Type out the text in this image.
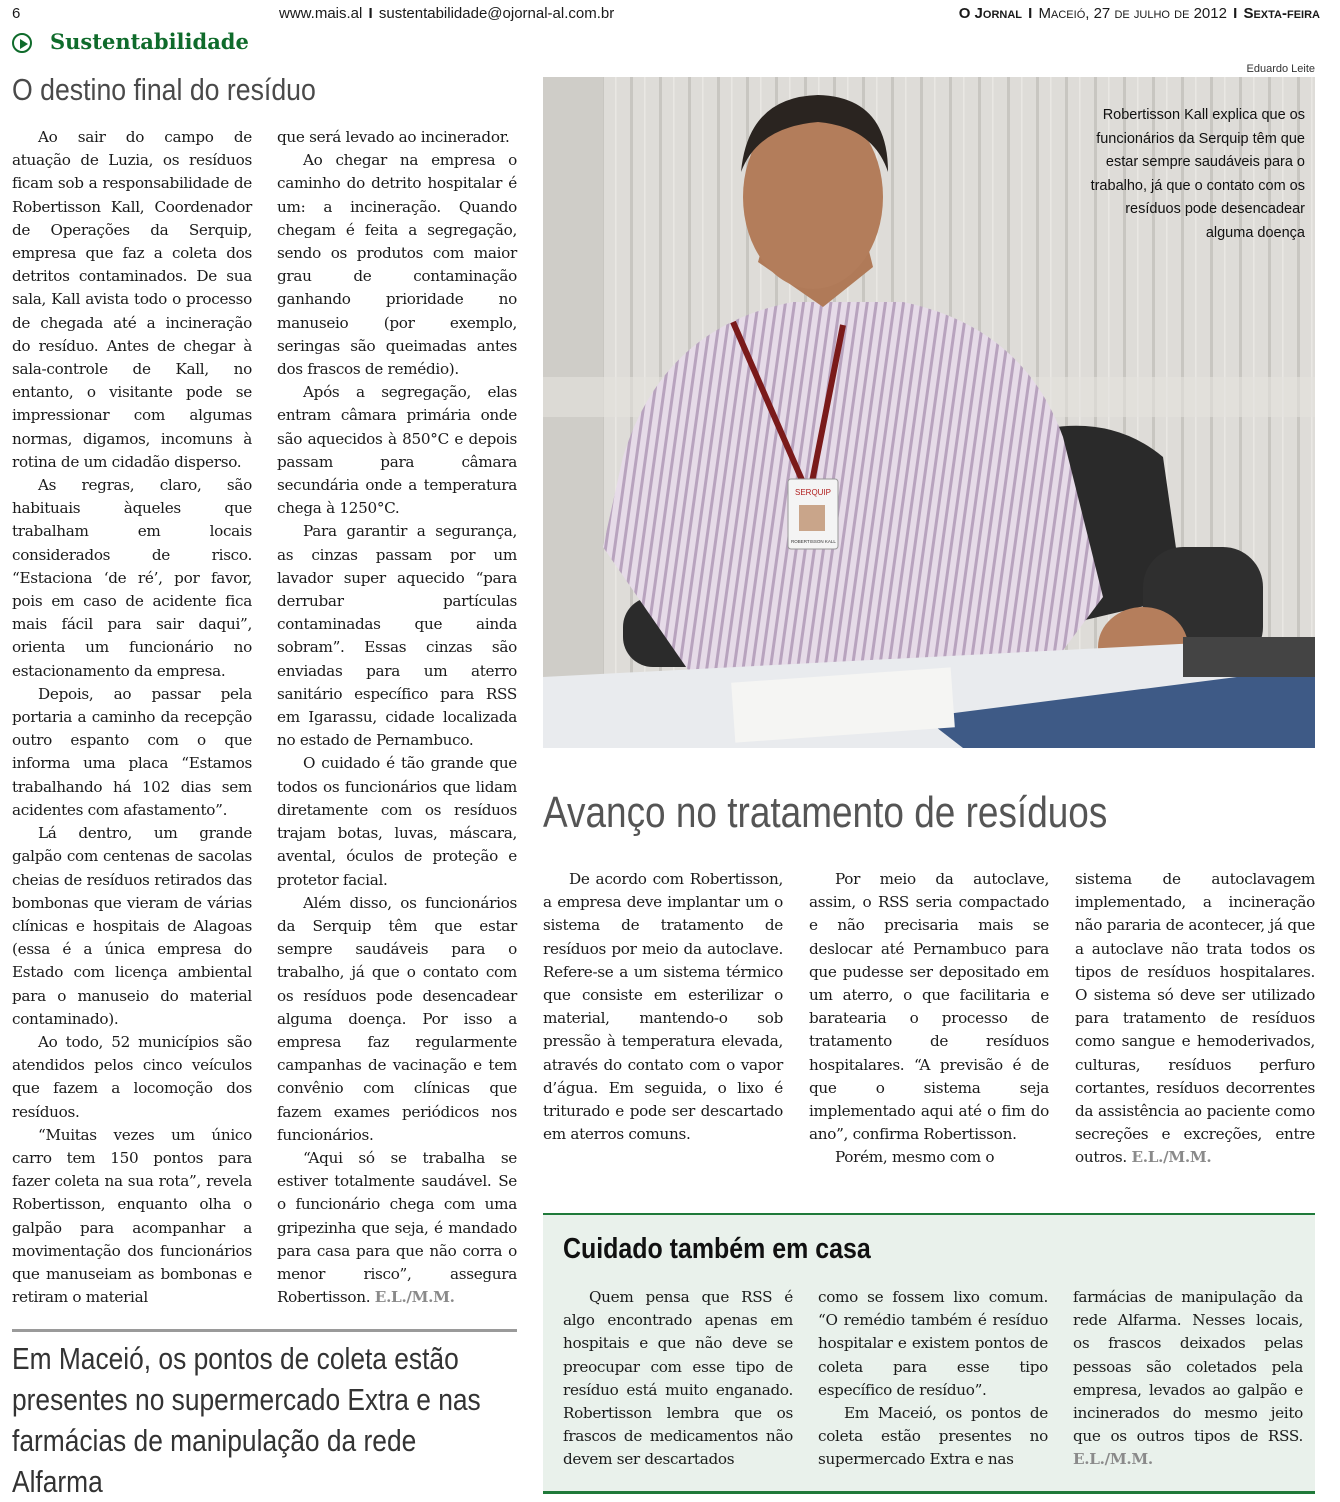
6	www.mais.al I sustentabilidade@ojornal-al.com.br	O Jornal I Maceió, 27 de julho de 2012 I Sexta-feira
Sustentabilidade
O destino final do resíduo

Ao sair do campo de atuação de Luzia, os resíduos ficam sob a responsabilidade de Robertisson Kall, Coordenador de Operações da Serquip, empresa que faz a coleta dos detritos contaminados. De sua sala, Kall avista todo o processo de chegada até a incineração do resíduo. Antes de chegar à sala-controle de Kall, no entanto, o visitante pode se impressionar com algumas normas, digamos, incomuns à rotina de um cidadão disperso.

As regras, claro, são habituais àqueles que trabalham em locais considerados de risco. “Estaciona ‘de ré’, por favor, pois em caso de acidente fica mais fácil para sair daqui”, orienta um funcionário no estacionamento da empresa.

Depois, ao passar pela portaria a caminho da recepção outro espanto com o que informa uma placa “Estamos trabalhando há 102 dias sem acidentes com afastamento”.

Lá dentro, um grande galpão com centenas de sacolas cheias de resíduos retirados das bombonas que vieram de várias clínicas e hospitais de Alagoas (essa é a única empresa do Estado com licença ambiental para o manuseio do material contaminado).

Ao todo, 52 municípios são atendidos pelos cinco veículos que fazem a locomoção dos resíduos.

“Muitas vezes um único carro tem 150 pontos para fazer coleta na sua rota”, revela Robertisson, enquanto olha o galpão para acompanhar a movimentação dos funcionários que manuseiam as bombonas e retiram o material

que será levado ao incinerador.

Ao chegar na empresa o caminho do detrito hospitalar é um: a incineração. Quando chegam é feita a segregação, sendo os produtos com maior grau de contaminação ganhando prioridade no manuseio (por exemplo, seringas são queimadas antes dos frascos de remédio).

Após a segregação, elas entram câmara primária onde são aquecidos à 850°C e depois passam para câmara secundária onde a temperatura chega à 1250°C.

Para garantir a segurança, as cinzas passam por um lavador super aquecido “para derrubar partículas contaminadas que ainda sobram”. Essas cinzas são enviadas para um aterro sanitário específico para RSS em Igarassu, cidade localizada no estado de Pernambuco.

O cuidado é tão grande que todos os funcionários que lidam diretamente com os resíduos trajam botas, luvas, máscara, avental, óculos de proteção e protetor facial.

Além disso, os funcionários da Serquip têm que estar sempre saudáveis para o trabalho, já que o contato com os resíduos pode desencadear alguma doença. Por isso a empresa faz regularmente campanhas de vacinação e tem convênio com clínicas que fazem exames periódicos nos funcionários.

“Aqui só se trabalha se estiver totalmente saudável. Se o funcionário chega com uma gripezinha que seja, é mandado para casa para que não corra o menor risco”, assegura Robertisson. E.L./M.M.

Eduardo Leite
SERQUIP
ROBERTISSON KALL
Robertisson Kall explica que os funcionários da Serquip têm que estar sempre saudáveis para o trabalho, já que o contato com os resíduos pode desencadear alguma doença
Avanço no tratamento de resíduos

De acordo com Robertisson, a empresa deve implantar um o sistema de tratamento de resíduos por meio da autoclave. Refere-se a um sistema térmico que consiste em esterilizar o material, mantendo-o sob pressão à temperatura elevada, através do contato com o vapor d’água. Em seguida, o lixo é triturado e pode ser descartado em aterros comuns.

Por meio da autoclave, assim, o RSS seria compactado e não precisaria mais se deslocar até Pernambuco para que pudesse ser depositado em um aterro, o que facilitaria e baratearia o processo de tratamento de resíduos hospitalares. “A previsão é de que o sistema seja implementado aqui até o fim do ano”, confirma Robertisson.

Porém, mesmo com o

sistema de autoclavagem implementado, a incineração não pararia de acontecer, já que a autoclave não trata todos os tipos de resíduos hospitalares. O sistema só deve ser utilizado para tratamento de resíduos como sangue e hemoderivados, culturas, resíduos perfuro cortantes, resíduos decorrentes da assistência ao paciente como secreções e excreções, entre outros. E.L./M.M.

Em Maceió, os pontos de coleta estão presentes no supermercado Extra e nas farmácias de manipulação da rede Alfarma
Cuidado também em casa

Quem pensa que RSS é algo encontrado apenas em hospitais e que não deve se preocupar com esse tipo de resíduo está muito enganado. Robertisson lembra que os frascos de medicamentos não devem ser descartados

como se fossem lixo comum. “O remédio também é resíduo hospitalar e existem pontos de coleta para esse tipo específico de resíduo”.

Em Maceió, os pontos de coleta estão presentes no supermercado Extra e nas

farmácias de manipulação da rede Alfarma. Nesses locais, os frascos deixados pelas pessoas são coletados pela empresa, levados ao galpão e incinerados do mesmo jeito que os outros tipos de RSS. E.L./M.M.
